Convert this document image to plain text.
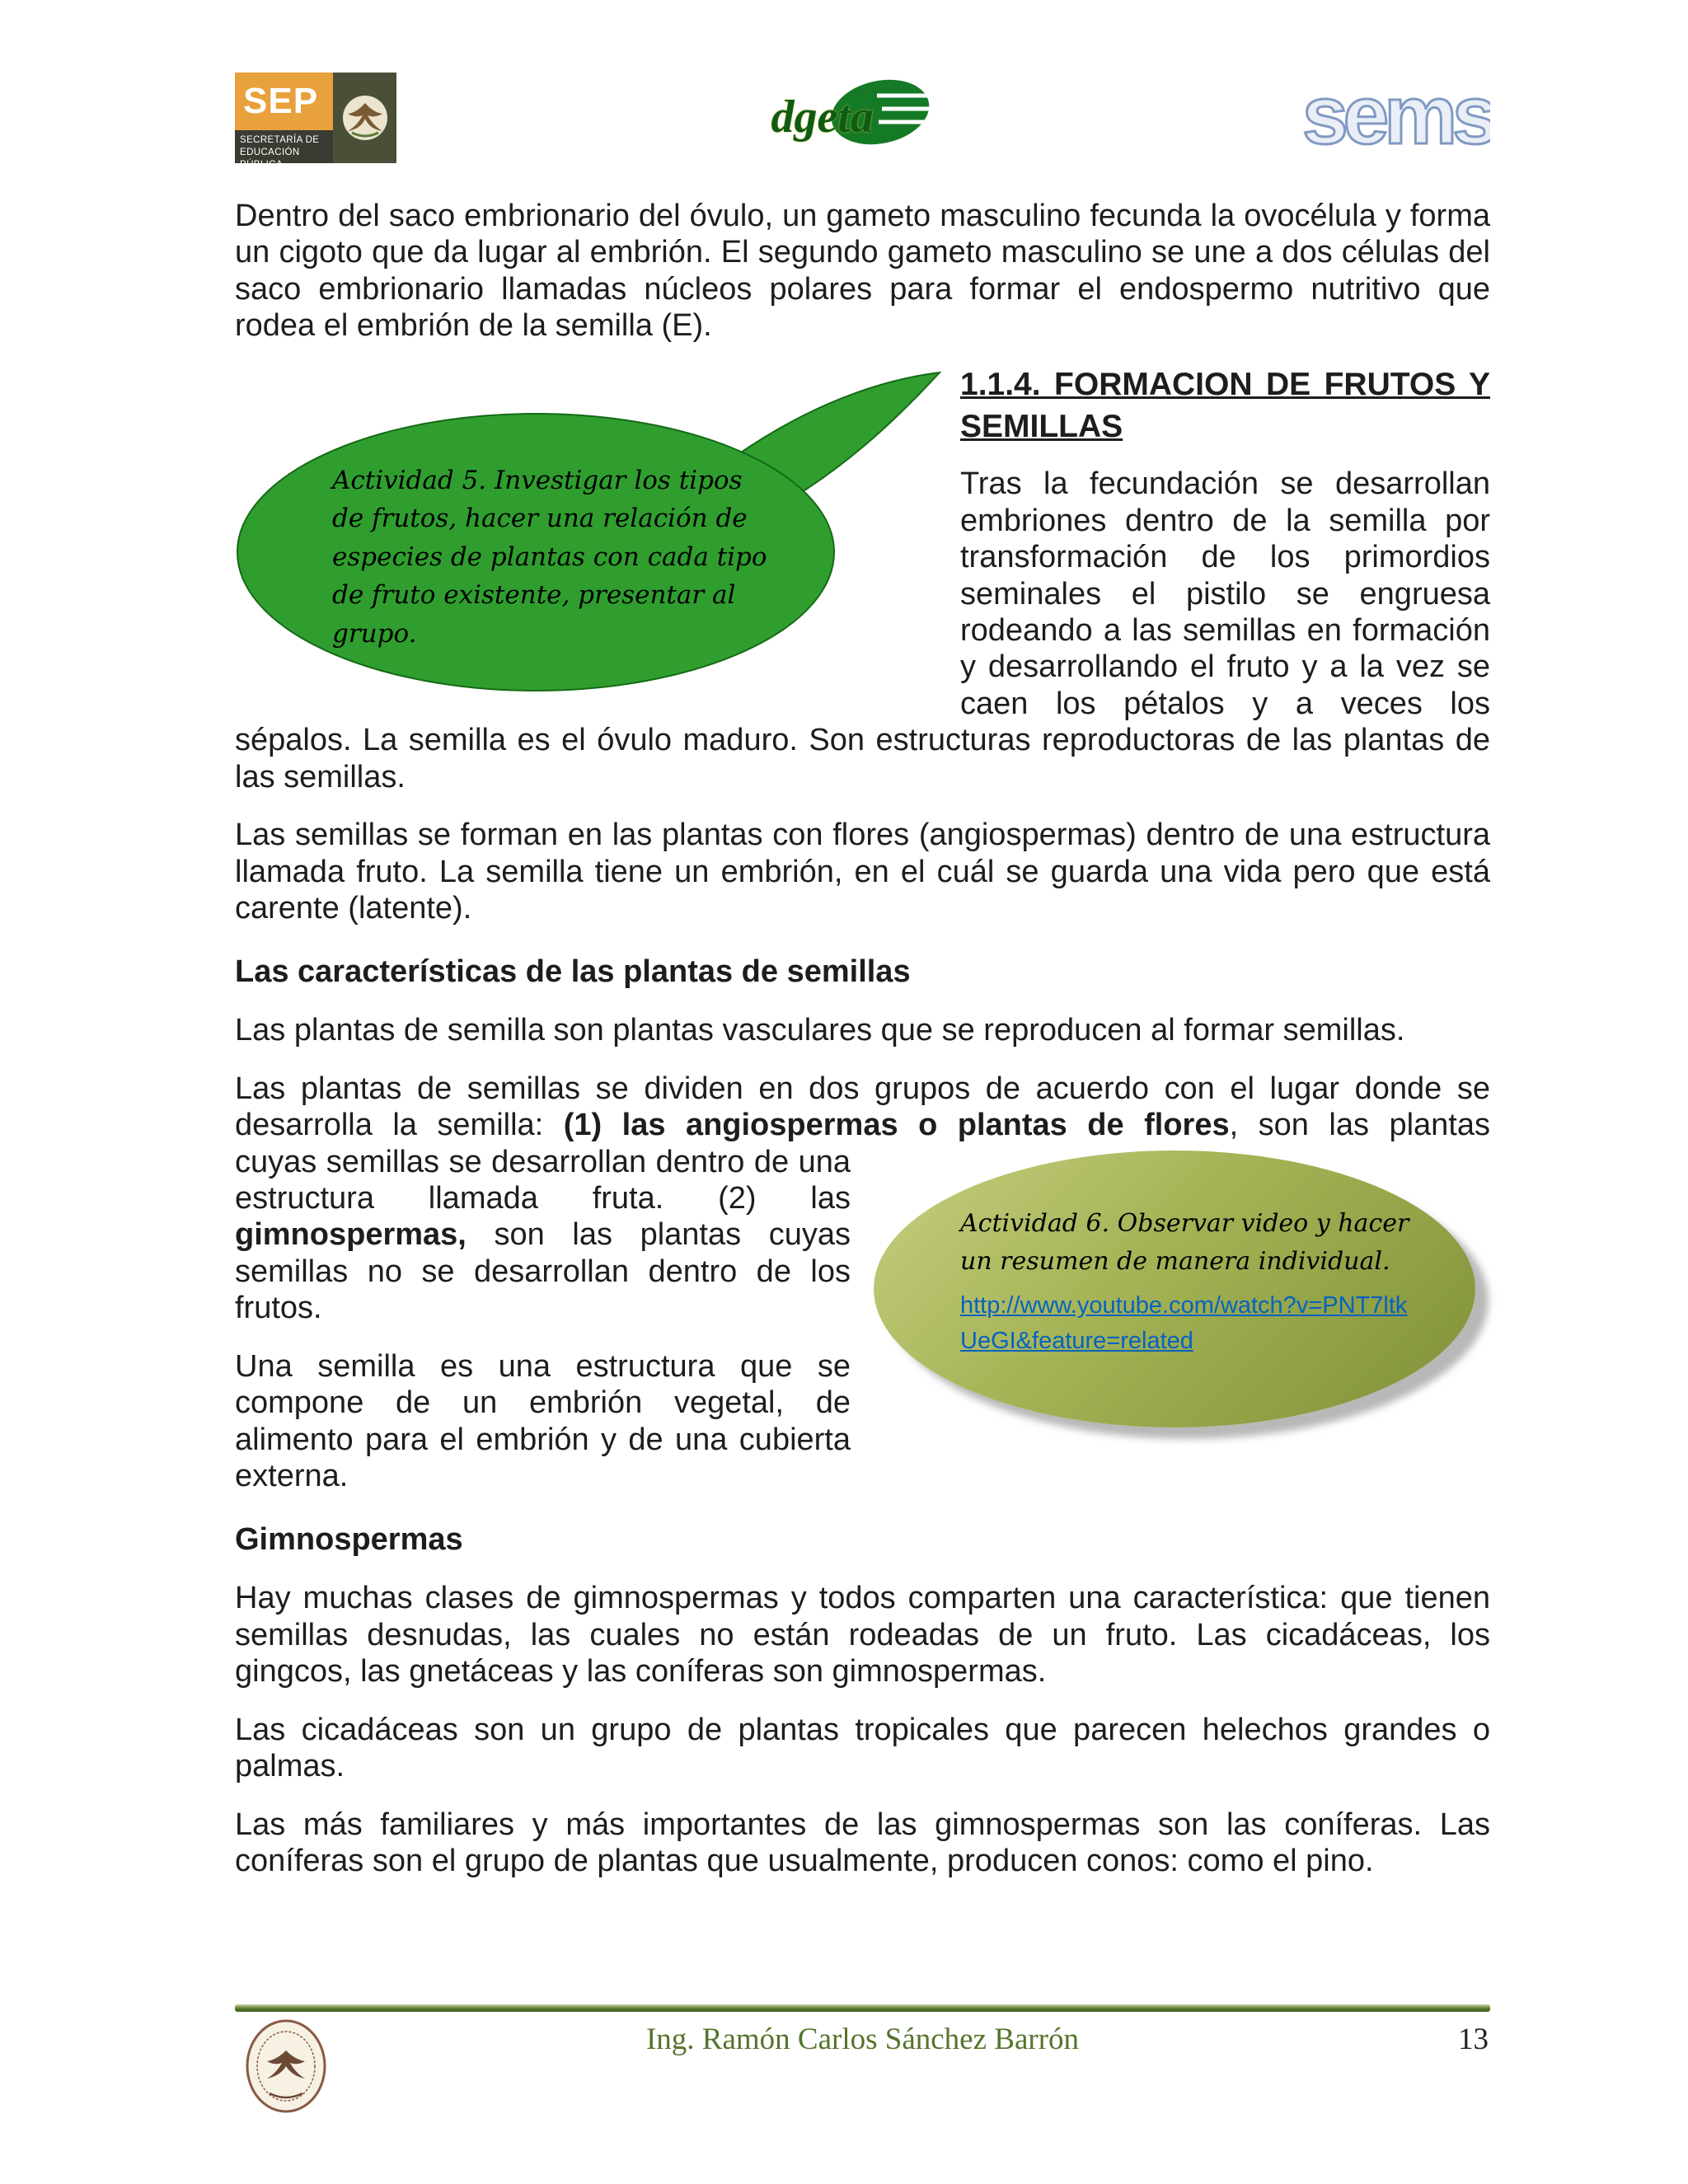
SEP
SECRETARÍA DE EDUCACIÓN PÚBLICA
dgeta	sems

Dentro del saco embrionario del óvulo, un gameto masculino fecunda la ovocélula y forma un cigoto que da lugar al embrión. El segundo gameto masculino se une a dos células del saco embrionario llamadas núcleos polares para formar el endospermo nutritivo que rodea el embrión de la semilla (E).

Actividad 5. Investigar los tipos de frutos, hacer una relación de especies de plantas con cada tipo de fruto existente, presentar al grupo.
1.1.4. FORMACION DE FRUTOS Y SEMILLAS

Tras la fecundación se desarrollan embriones dentro de la semilla por transformación de los primordios seminales el pistilo se engruesa rodeando a las semillas en formación y desarrollando el fruto y a la vez se caen los pétalos y a veces los sépalos. La semilla es el óvulo maduro. Son estructuras reproductoras de las plantas de las semillas.

Las semillas se forman en las plantas con flores (angiospermas) dentro de una estructura llamada fruto. La semilla tiene un embrión, en el cuál se guarda una vida pero que está carente (latente).

Las características de las plantas de semillas

Las plantas de semilla son plantas vasculares que se reproducen al formar semillas.

Las plantas de semillas se dividen en dos grupos de acuerdo con el lugar donde se desarrolla la semilla: (1) las angiospermas o plantas de flores, son las plantas

Actividad 6. Observar video y hacer un resumen de manera individual.
http://www.youtube.com/watch?v=PNT7ltkUeGI&feature=related

cuyas semillas se desarrollan dentro de una estructura llamada fruta. (2) las gimnospermas, son las plantas cuyas semillas no se desarrollan dentro de los frutos.

Una semilla es una estructura que se compone de un embrión vegetal, de alimento para el embrión y de una cubierta externa.

Gimnospermas

Hay muchas clases de gimnospermas y todos comparten una característica: que tienen semillas desnudas, las cuales no están rodeadas de un fruto. Las cicadáceas, los gingcos, las gnetáceas y las coníferas son gimnospermas.

Las cicadáceas son un grupo de plantas tropicales que parecen helechos grandes o palmas.

Las más familiares y más importantes de las gimnospermas son las coníferas. Las coníferas son el grupo de plantas que usualmente, producen conos: como el pino.

Ing. Ramón Carlos Sánchez Barrón	13
